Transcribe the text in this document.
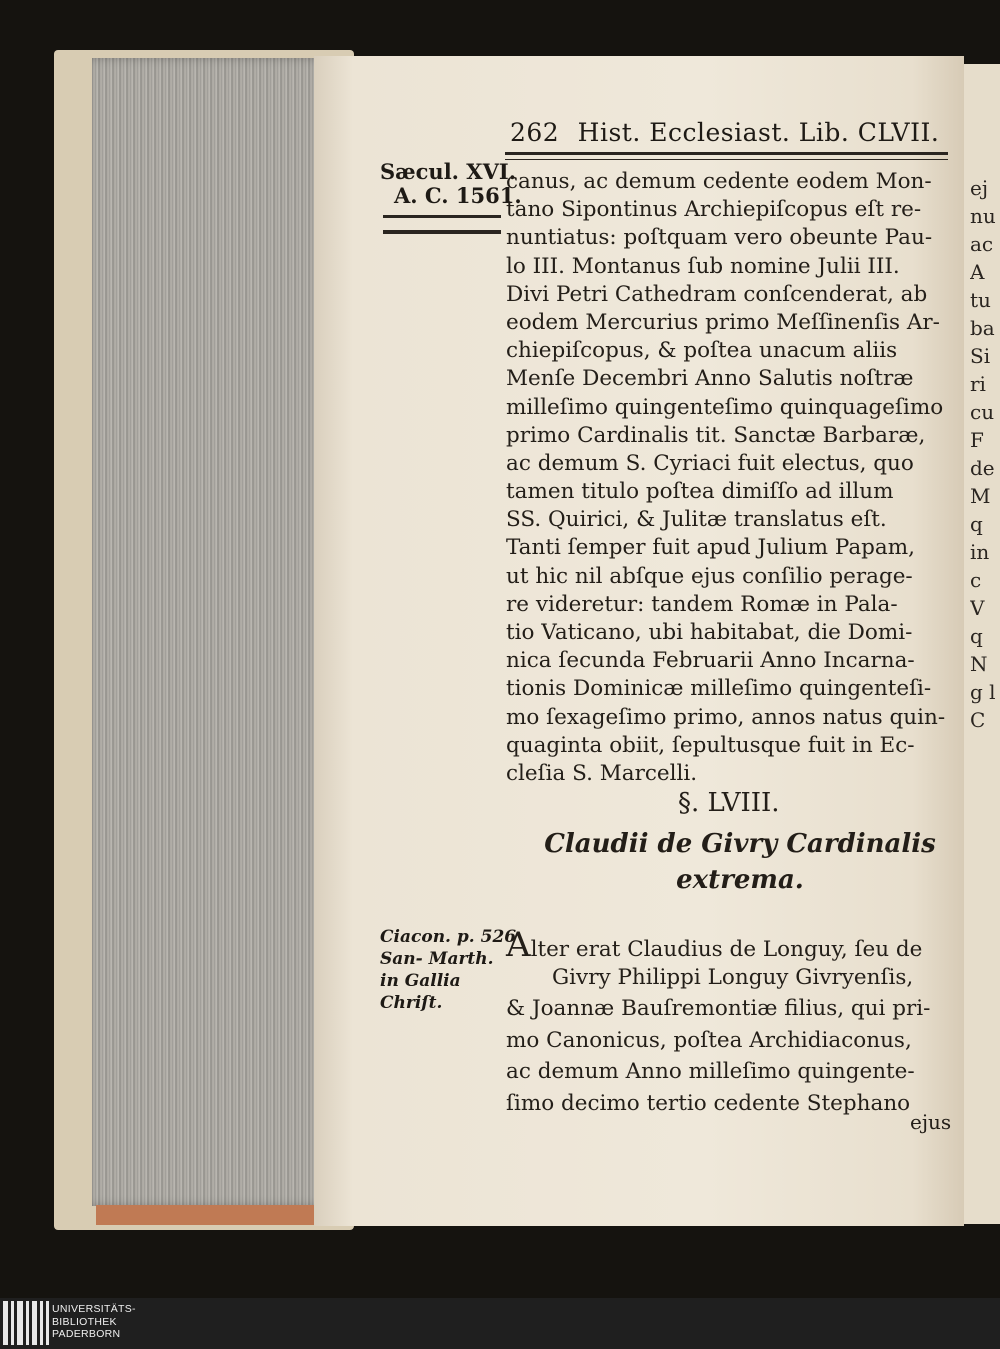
ej nu ac A tu ba Si ri cu F de M q in c V q N g l C
262 Hist. Ecclesiast. Lib. CLVII.
Sæcul. XVI.
A. C. 1561.
canus, ac demum cedente eodem Mon-
tano Sipontinus Archiepiſcopus eſt re-
nuntiatus: poſtquam vero obeunte Pau-
lo III. Montanus ſub nomine Julii III.
Divi Petri Cathedram conſcenderat, ab
eodem Mercurius primo Meſſinenſis Ar-
chiepiſcopus, & poſtea unacum aliis
Menſe Decembri Anno Salutis noſtræ
milleſimo quingenteſimo quinquageſimo
primo Cardinalis tit. Sanctæ Barbaræ,
ac demum S. Cyriaci fuit electus, quo
tamen titulo poſtea dimiſſo ad illum
SS. Quirici, & Julitæ translatus eſt.
Tanti ſemper fuit apud Julium Papam,
ut hic nil abſque ejus conſilio perage-
re videretur: tandem Romæ in Pala-
tio Vaticano, ubi habitabat, die Domi-
nica ſecunda Februarii Anno Incarna-
tionis Dominicæ milleſimo quingenteſi-
mo ſexageſimo primo, annos natus quin-
quaginta obiit, ſepultusque fuit in Ec-
cleſia S. Marcelli.
§. LVIII.
Claudii de Givry Cardinalis
extrema.
Ciacon. p. 526
San- Marth.
in Gallia
Chriſt.
Alter erat Claudius de Longuy, ſeu de
Givry Philippi Longuy Givryenſis,
& Joannæ Bauſremontiæ filius, qui pri-
mo Canonicus, poſtea Archidiaconus,
ac demum Anno milleſimo quingente-
ſimo decimo tertio cedente Stephano
ejus
UNIVERSITÄTS-
BIBLIOTHEK
PADERBORN
